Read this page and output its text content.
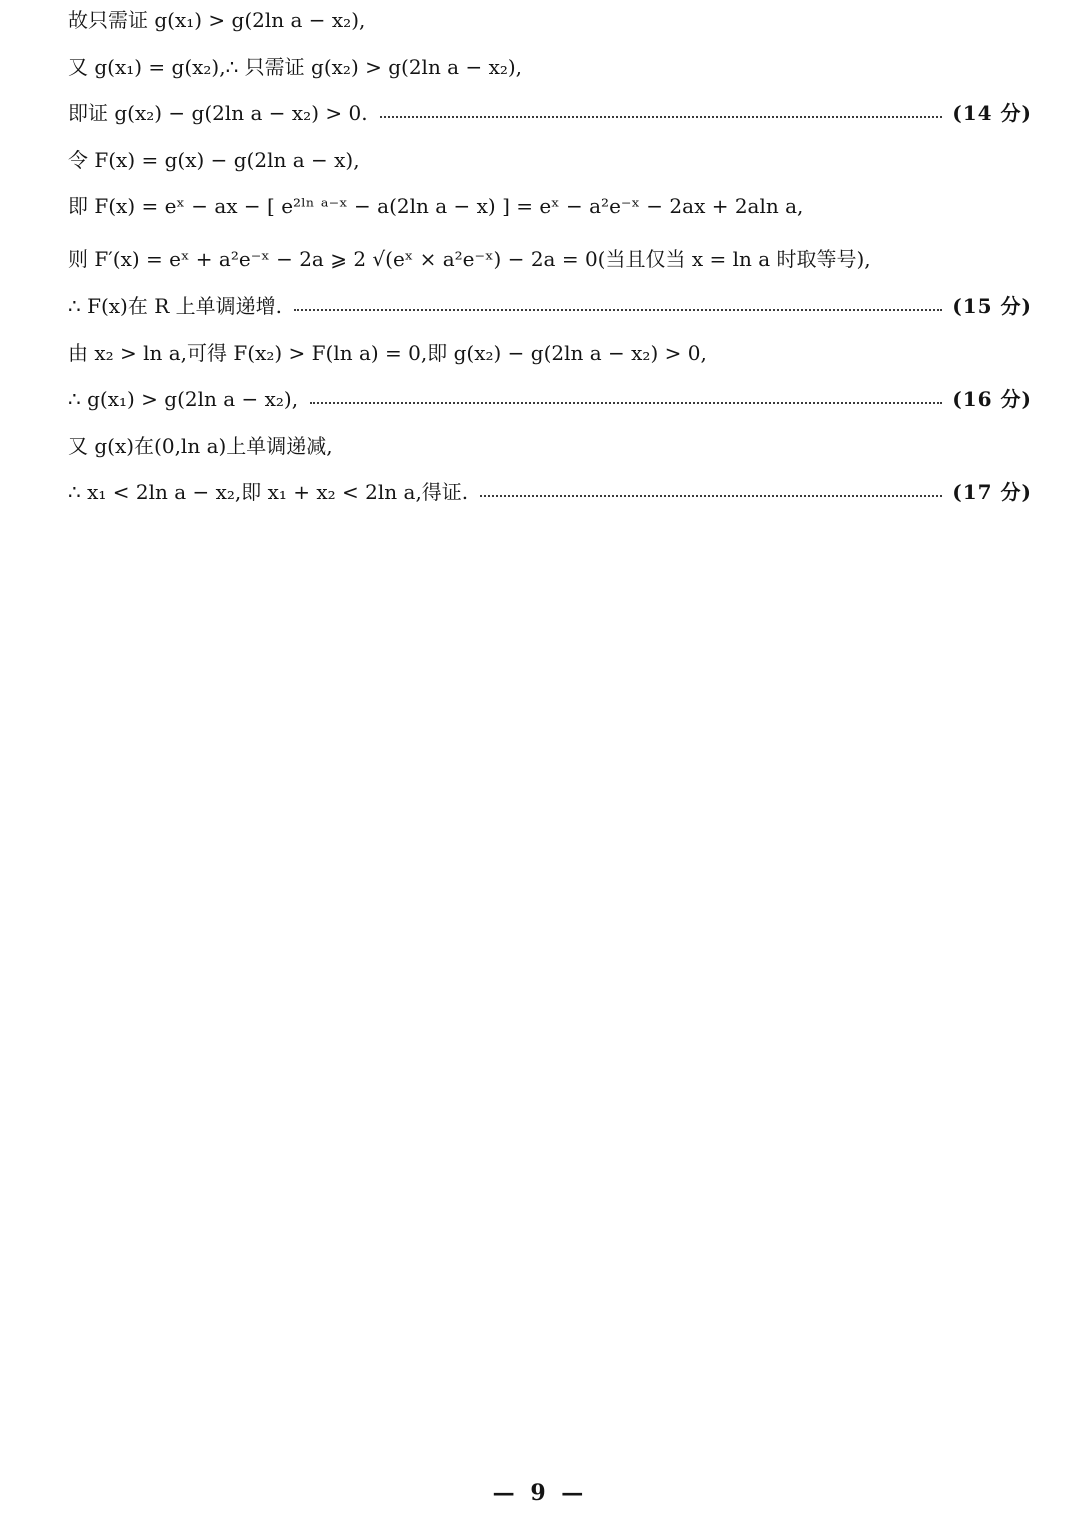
故只需证 g(x₁) > g(2ln a − x₂),
又 g(x₁) = g(x₂),∴ 只需证 g(x₂) > g(2ln a − x₂),
即证 g(x₂) − g(2ln a − x₂) > 0.	(14 分)
令 F(x) = g(x) − g(2ln a − x),
即 F(x) = eˣ − ax − [ e²ˡⁿ ᵃ⁻ˣ − a(2ln a − x) ] = eˣ − a²e⁻ˣ − 2ax + 2aln a,
则 F′(x) = eˣ + a²e⁻ˣ − 2a ⩾ 2 √(eˣ × a²e⁻ˣ) − 2a = 0(当且仅当 x = ln a 时取等号),
∴ F(x)在 R 上单调递增.	(15 分)
由 x₂ > ln a,可得 F(x₂) > F(ln a) = 0,即 g(x₂) − g(2ln a − x₂) > 0,
∴ g(x₁) > g(2ln a − x₂),	(16 分)
又 g(x)在(0,ln a)上单调递减,
∴ x₁ < 2ln a − x₂,即 x₁ + x₂ < 2ln a,得证.	(17 分)
— 9 —
